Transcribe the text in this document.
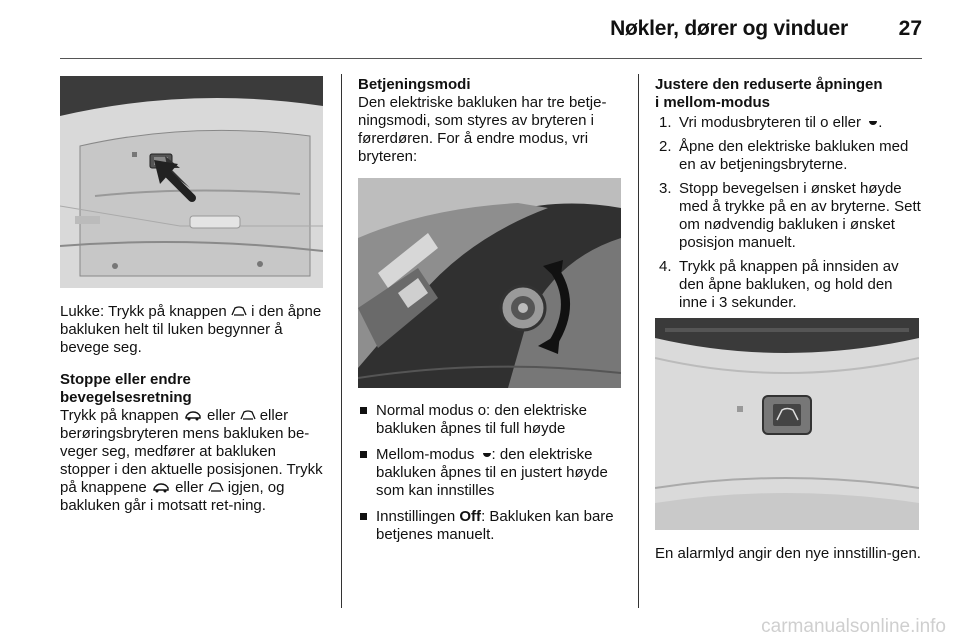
Nøkler, dører og vinduer 27

Lukke: Trykk på knappen  i den åpne bakluken helt til luken begynner å bevege seg.

Stoppe eller endre bevegelsesretning

Trykk på knappen  eller  eller berøringsbryteren mens bakluken be-veger seg, medfører at bakluken stopper i den aktuelle posisjonen. Trykk på knappene  eller  igjen, og bakluken går i motsatt ret-ning.

Betjeningsmodi

Den elektriske bakluken har tre betje-ningsmodi, som styres av bryteren i førerdøren. For å endre modus, vri bryteren:

Normal modus o: den elektriske bakluken åpnes til full høyde
Mellom-modus : den elektriske bakluken åpnes til en justert høyde som kan innstilles
Innstillingen Off: Bakluken kan bare betjenes manuelt.

Justere den reduserte åpningen

i mellom-modus

1. Vri modusbryteren til o eller .
2. Åpne den elektriske bakluken med en av betjeningsbryterne.
3. Stopp bevegelsen i ønsket høyde med å trykke på en av bryterne. Sett om nødvendig bakluken i ønsket posisjon manuelt.
4. Trykk på knappen på innsiden av den åpne bakluken, og hold den inne i 3 sekunder.

En alarmlyd angir den nye innstillin-gen.

carmanualsonline.info
